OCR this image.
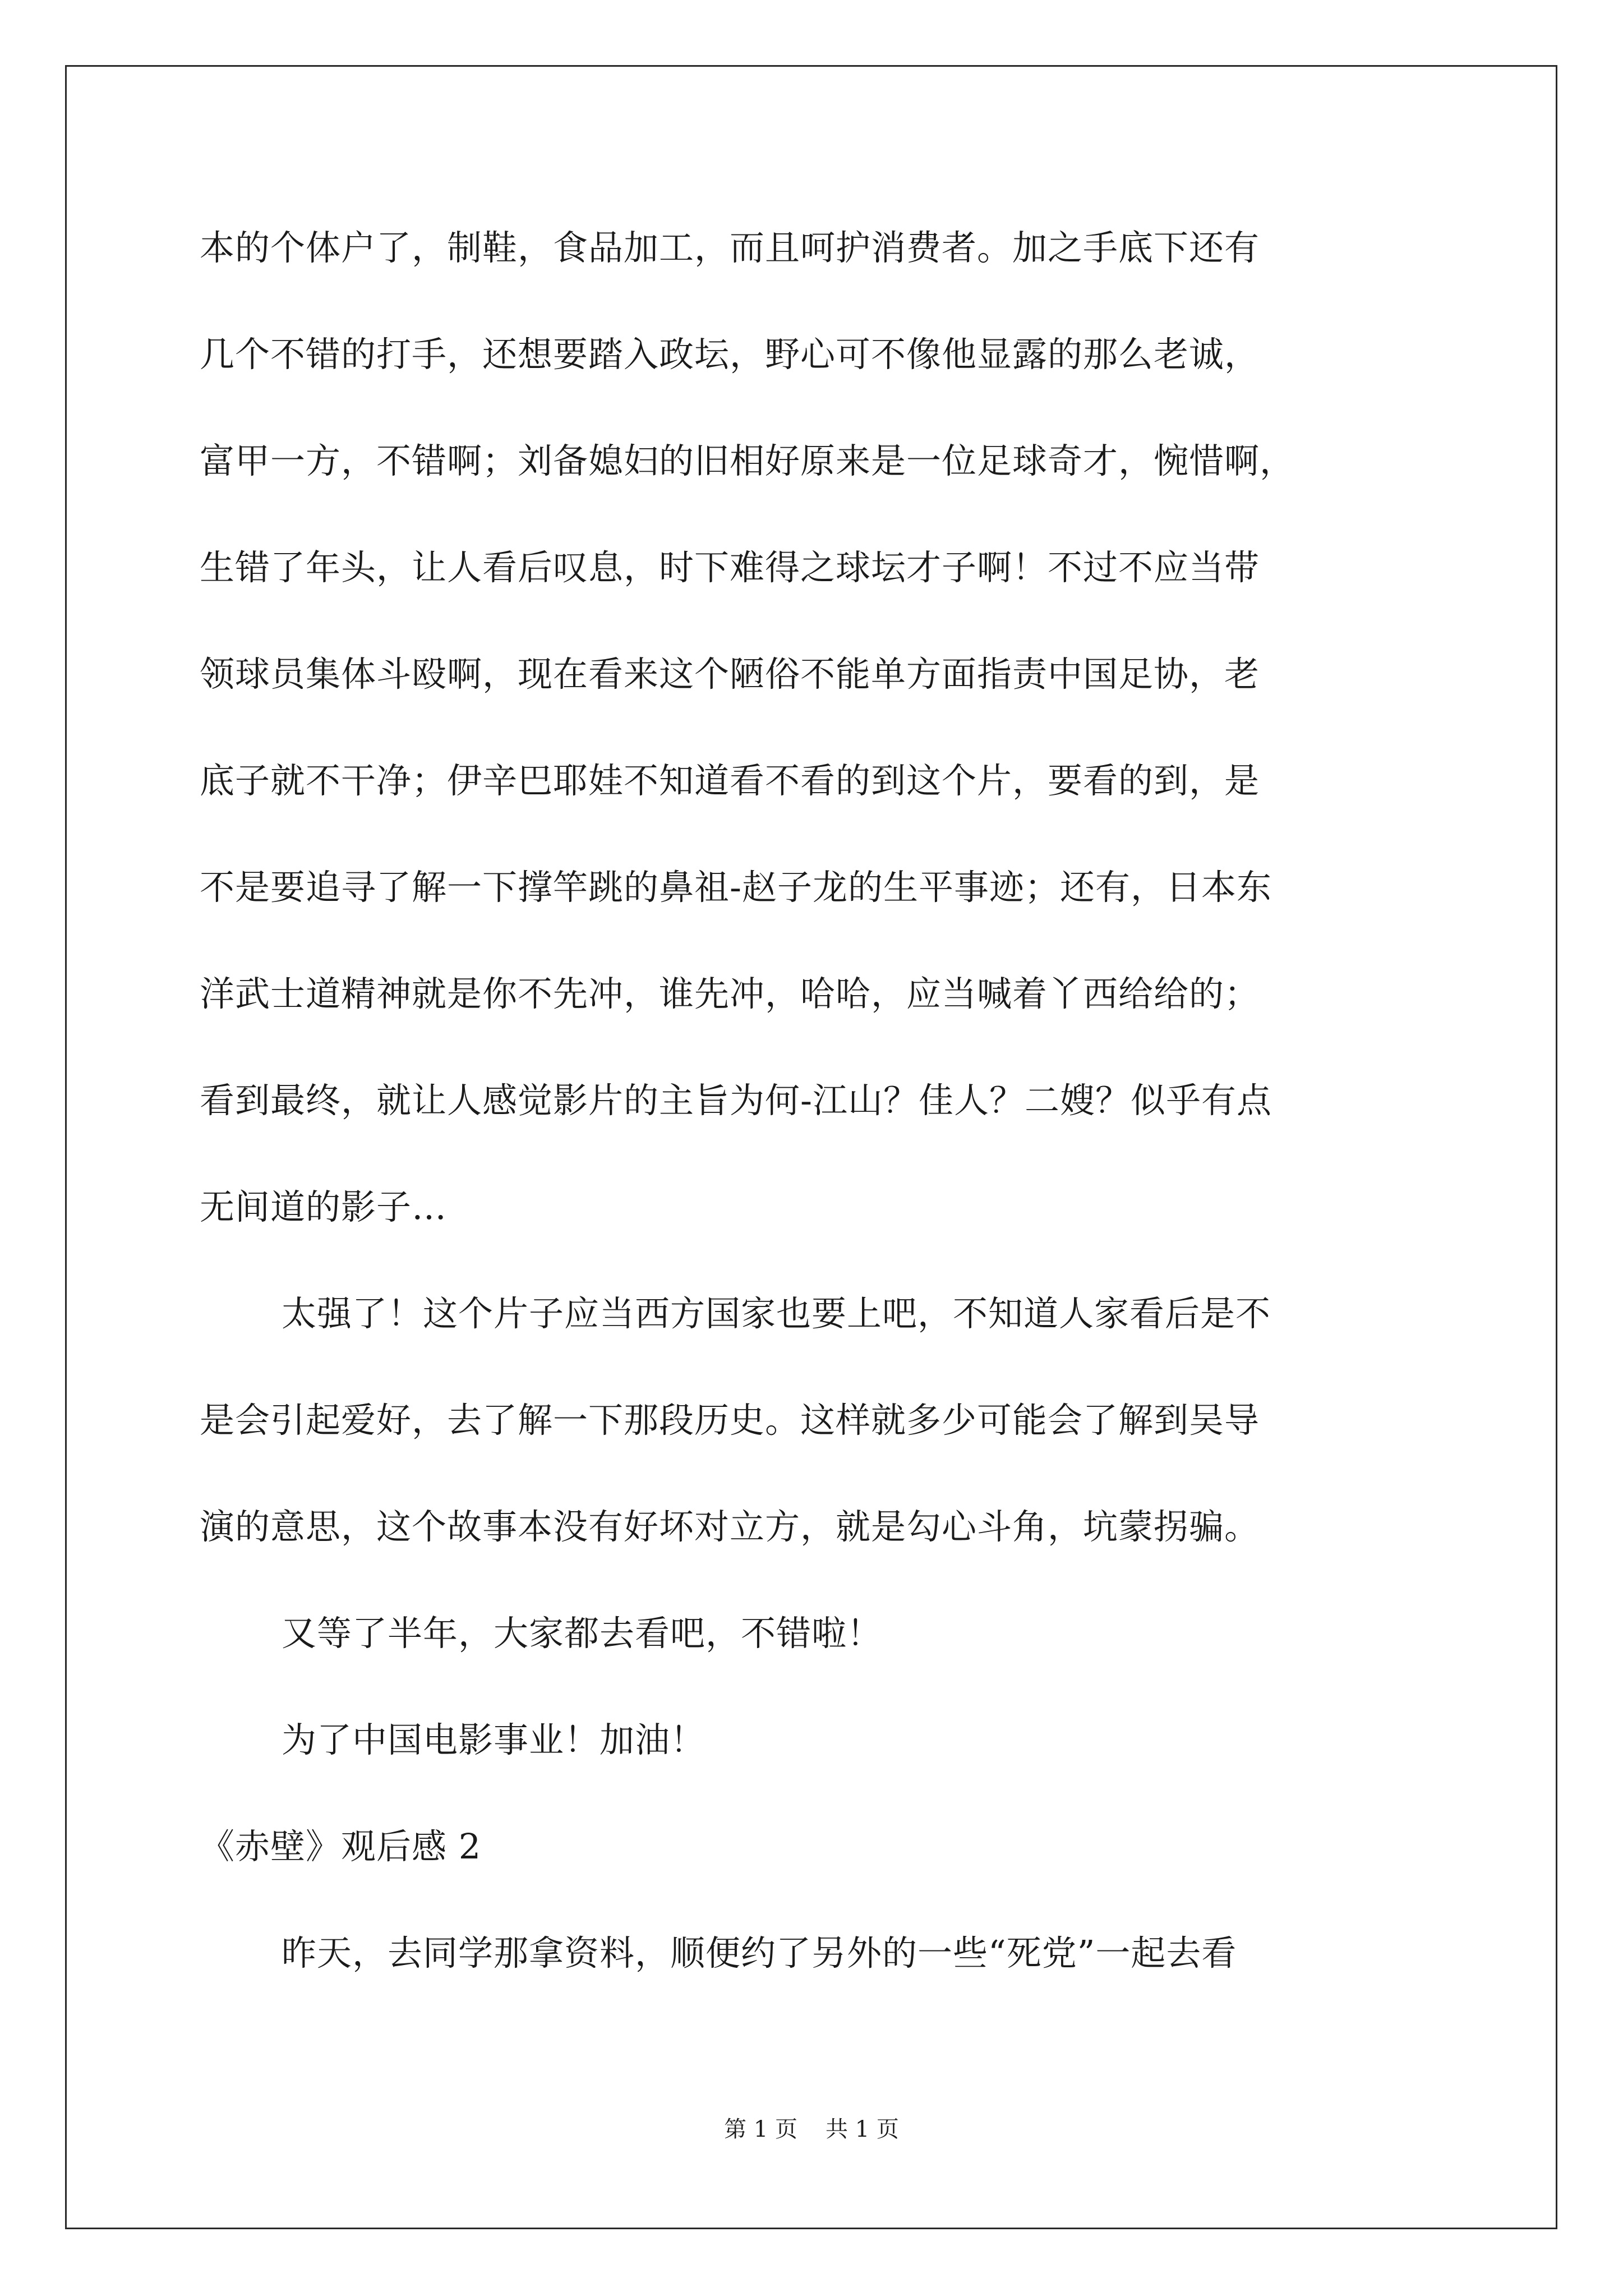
本的个体户了，制鞋，食品加工，而且呵护消费者。加之手底下还有
几个不错的打手，还想要踏入政坛，野心可不像他显露的那么老诚，
富甲一方，不错啊；刘备媳妇的旧相好原来是一位足球奇才，惋惜啊，
生错了年头，让人看后叹息，时下难得之球坛才子啊！不过不应当带
领球员集体斗殴啊，现在看来这个陋俗不能单方面指责中国足协，老
底子就不干净；伊辛巴耶娃不知道看不看的到这个片，要看的到，是
不是要追寻了解一下撑竿跳的鼻祖-赵子龙的生平事迹；还有，日本东
洋武士道精神就是你不先冲，谁先冲，哈哈，应当喊着丫西给给的；
看到最终，就让人感觉影片的主旨为何-江山？佳人？二嫂？似乎有点
无间道的影子…
太强了！这个片子应当西方国家也要上吧，不知道人家看后是不
是会引起爱好，去了解一下那段历史。这样就多少可能会了解到吴导
演的意思，这个故事本没有好坏对立方，就是勾心斗角，坑蒙拐骗。
又等了半年，大家都去看吧，不错啦！
为了中国电影事业！加油！
《赤壁》观后感 2
昨天，去同学那拿资料，顺便约了另外的一些“死党”一起去看
第 1 页 共 1 页
